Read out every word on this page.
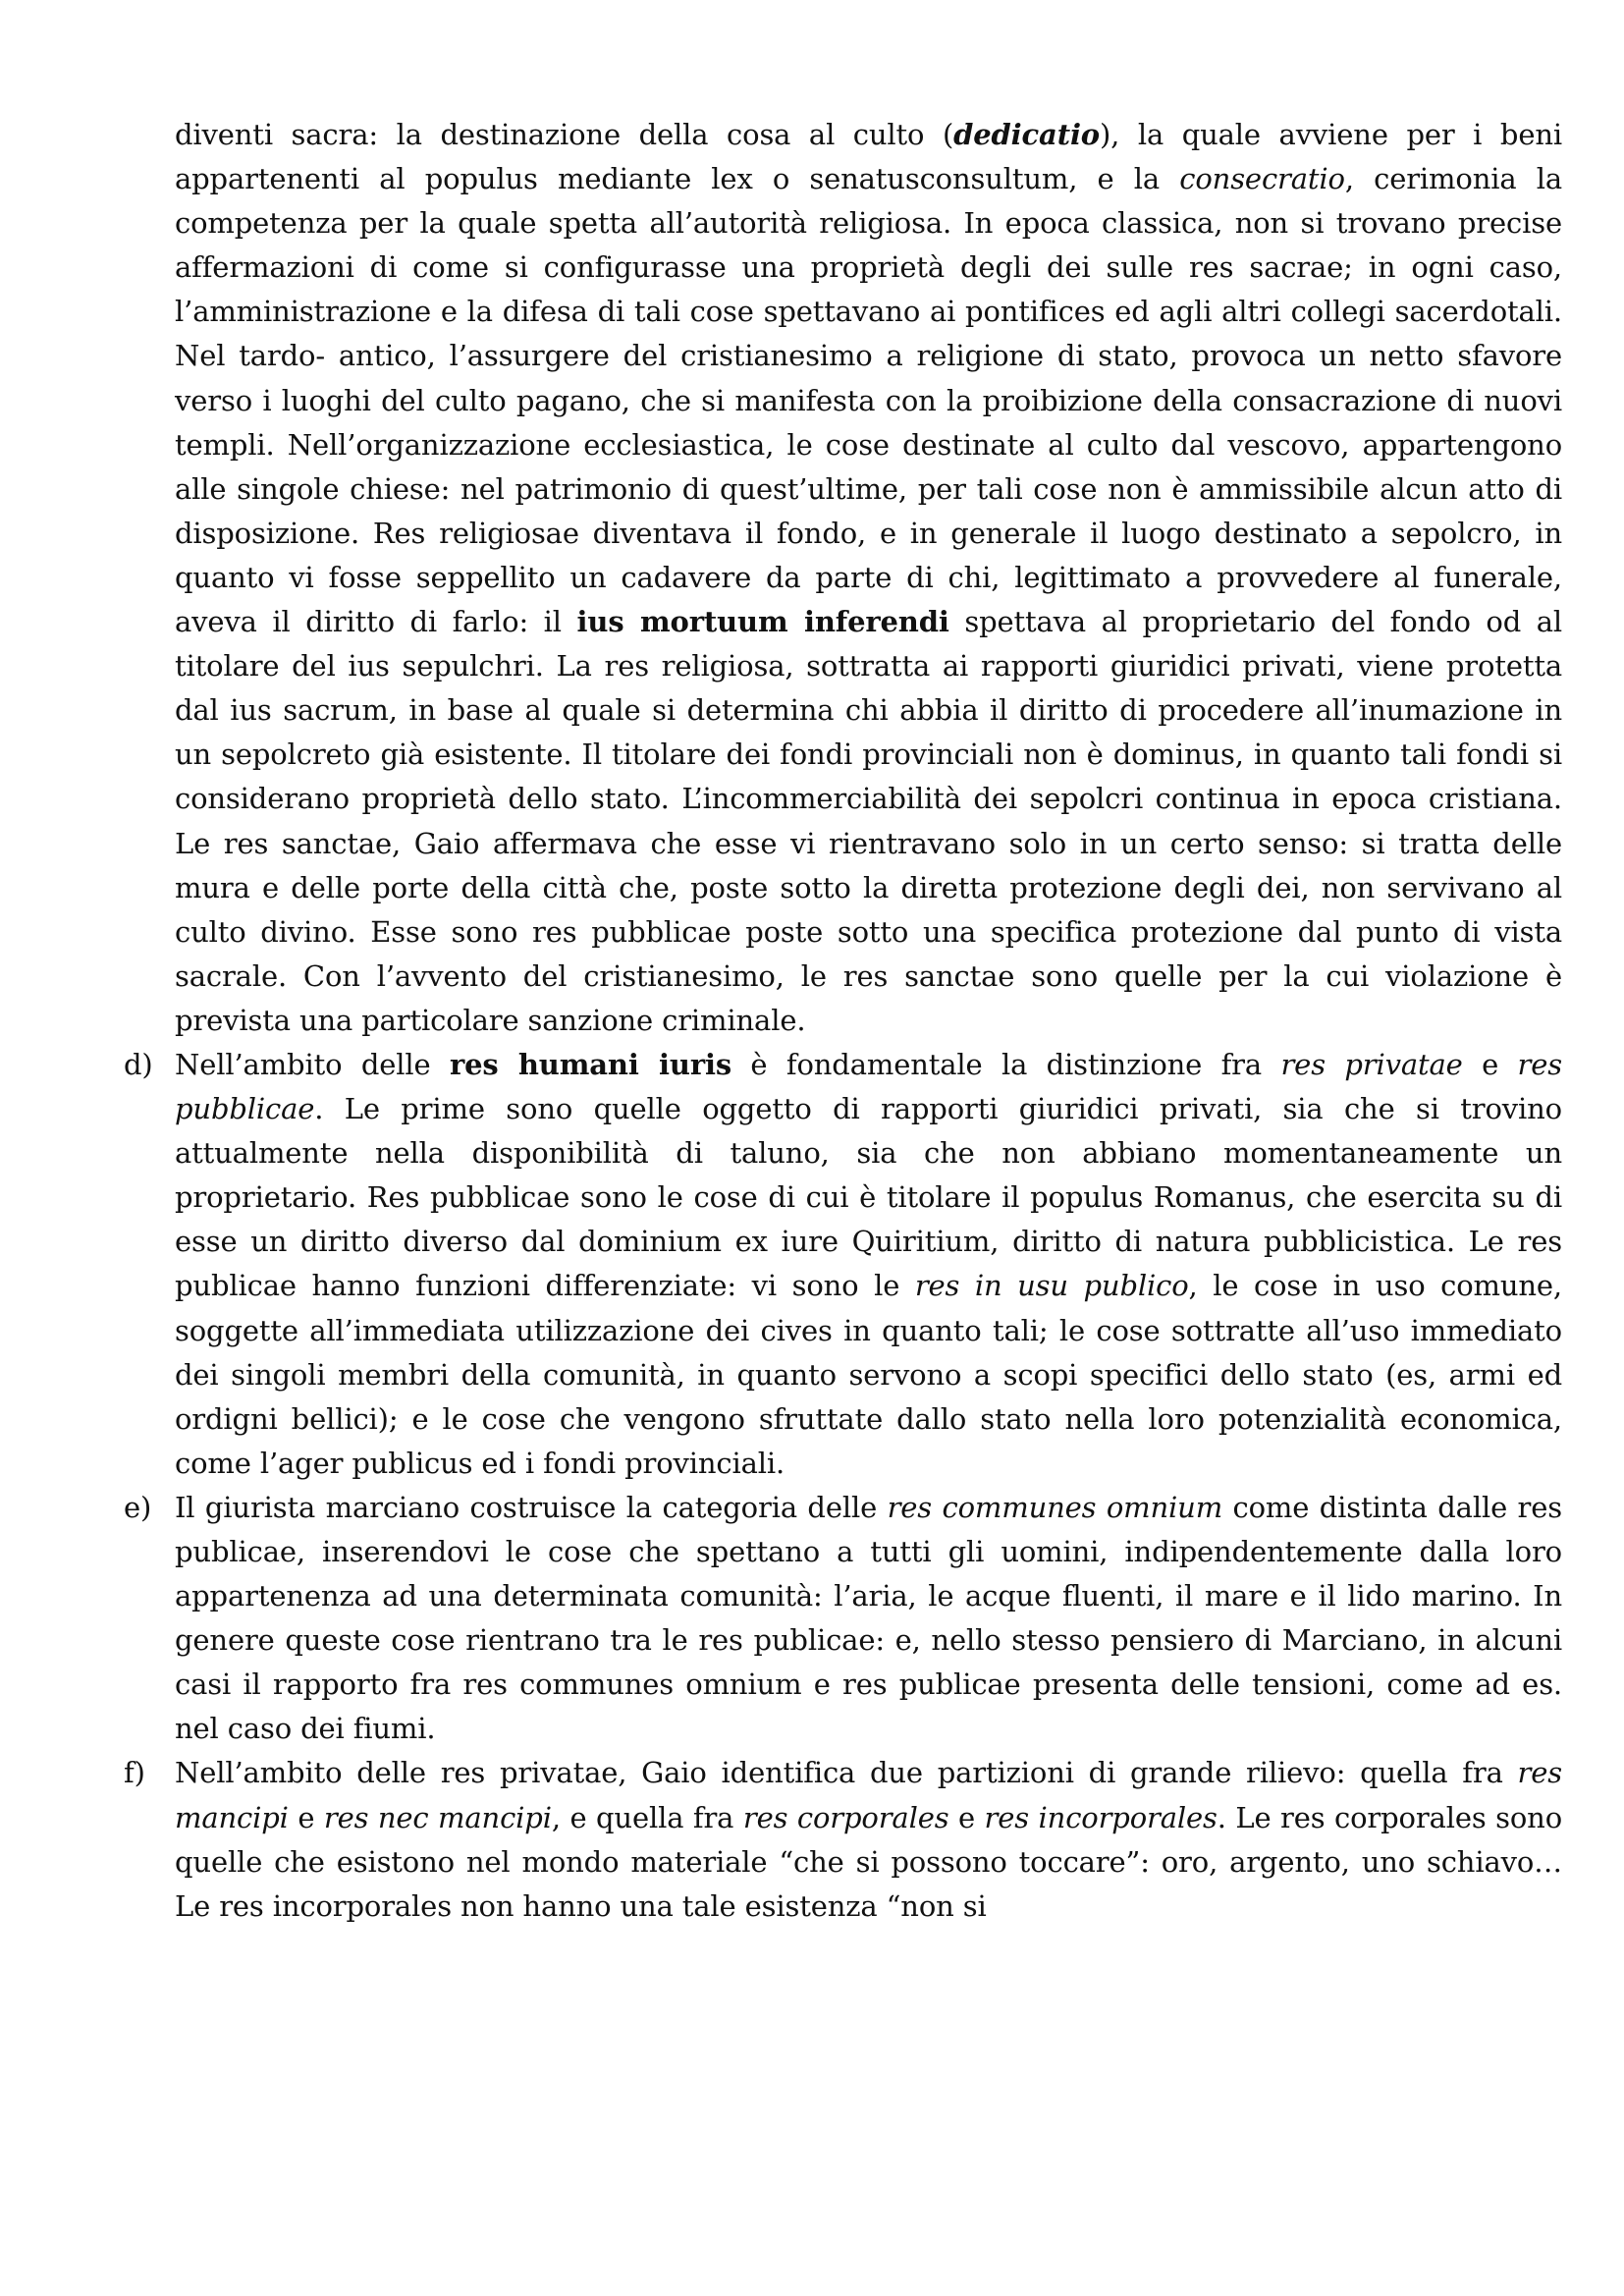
diventi sacra: la destinazione della cosa al culto (dedicatio), la quale avviene per i beni appartenenti al populus mediante lex o senatusconsultum, e la consecratio, cerimonia la competenza per la quale spetta all’autorità religiosa. In epoca classica, non si trovano precise affermazioni di come si configurasse una proprietà degli dei sulle res sacrae; in ogni caso, l’amministrazione e la difesa di tali cose spettavano ai pontifices ed agli altri collegi sacerdotali. Nel tardo- antico, l’assurgere del cristianesimo a religione di stato, provoca un netto sfavore verso i luoghi del culto pagano, che si manifesta con la proibizione della consacrazione di nuovi templi. Nell’organizzazione ecclesiastica, le cose destinate al culto dal vescovo, appartengono alle singole chiese: nel patrimonio di quest’ultime, per tali cose non è ammissibile alcun atto di disposizione. Res religiosae diventava il fondo, e in generale il luogo destinato a sepolcro, in quanto vi fosse seppellito un cadavere da parte di chi, legittimato a provvedere al funerale, aveva il diritto di farlo: il ius mortuum inferendi spettava al proprietario del fondo od al titolare del ius sepulchri. La res religiosa, sottratta ai rapporti giuridici privati, viene protetta dal ius sacrum, in base al quale si determina chi abbia il diritto di procedere all’inumazione in un sepolcreto già esistente. Il titolare dei fondi provinciali non è dominus, in quanto tali fondi si considerano proprietà dello stato. L’incommerciabilità dei sepolcri continua in epoca cristiana. Le res sanctae, Gaio affermava che esse vi rientravano solo in un certo senso: si tratta delle mura e delle porte della città che, poste sotto la diretta protezione degli dei, non servivano al culto divino. Esse sono res pubblicae poste sotto una specifica protezione dal punto di vista sacrale. Con l’avvento del cristianesimo, le res sanctae sono quelle per la cui violazione è prevista una particolare sanzione criminale.

d) Nell’ambito delle res humani iuris è fondamentale la distinzione fra res privatae e res pubblicae. Le prime sono quelle oggetto di rapporti giuridici privati, sia che si trovino attualmente nella disponibilità di taluno, sia che non abbiano momentaneamente un proprietario. Res pubblicae sono le cose di cui è titolare il populus Romanus, che esercita su di esse un diritto diverso dal dominium ex iure Quiritium, diritto di natura pubblicistica. Le res publicae hanno funzioni differenziate: vi sono le res in usu publico, le cose in uso comune, soggette all’immediata utilizzazione dei cives in quanto tali; le cose sottratte all’uso immediato dei singoli membri della comunità, in quanto servono a scopi specifici dello stato (es, armi ed ordigni bellici); e le cose che vengono sfruttate dallo stato nella loro potenzialità economica, come l’ager publicus ed i fondi provinciali.

e) Il giurista marciano costruisce la categoria delle res communes omnium come distinta dalle res publicae, inserendovi le cose che spettano a tutti gli uomini, indipendentemente dalla loro appartenenza ad una determinata comunità: l’aria, le acque fluenti, il mare e il lido marino. In genere queste cose rientrano tra le res publicae: e, nello stesso pensiero di Marciano, in alcuni casi il rapporto fra res communes omnium e res publicae presenta delle tensioni, come ad es. nel caso dei fiumi.

f) Nell’ambito delle res privatae, Gaio identifica due partizioni di grande rilievo: quella fra res mancipi e res nec mancipi, e quella fra res corporales e res incorporales. Le res corporales sono quelle che esistono nel mondo materiale “che si possono toccare”: oro, argento, uno schiavo… Le res incorporales non hanno una tale esistenza “non si
